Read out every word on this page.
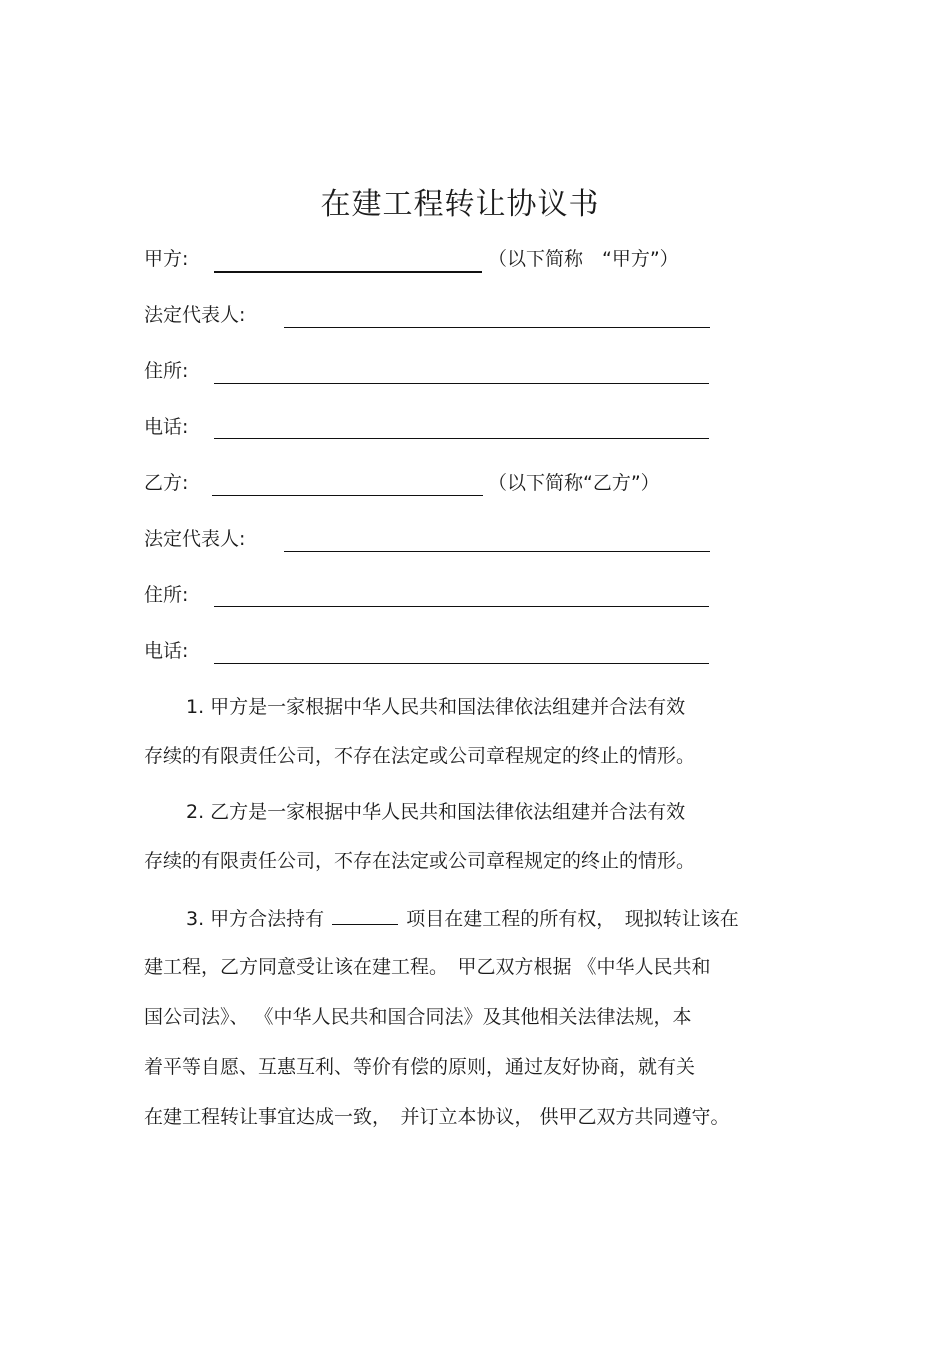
在建工程转让协议书
甲方:	（以下简称　“甲方”）
法定代表人:
住所:
电话:
乙方:	（以下简称“乙方”）
法定代表人:
住所:
电话:
1. 甲方是一家根据中华人民共和国法律依法组建并合法有效
存续的有限责任公司，不存在法定或公司章程规定的终止的情形。
2. 乙方是一家根据中华人民共和国法律依法组建并合法有效
存续的有限责任公司，不存在法定或公司章程规定的终止的情形。
3. 甲方合法持有	项目在建工程的所有权，　现拟转让该在
建工程，乙方同意受让该在建工程。　甲乙双方根据 《中华人民共和
国公司法》、 《中华人民共和国合同法》及其他相关法律法规，本
着平等自愿、互惠互利、等价有偿的原则，通过友好协商，就有关
在建工程转让事宜达成一致，　并订立本协议， 供甲乙双方共同遵守。
